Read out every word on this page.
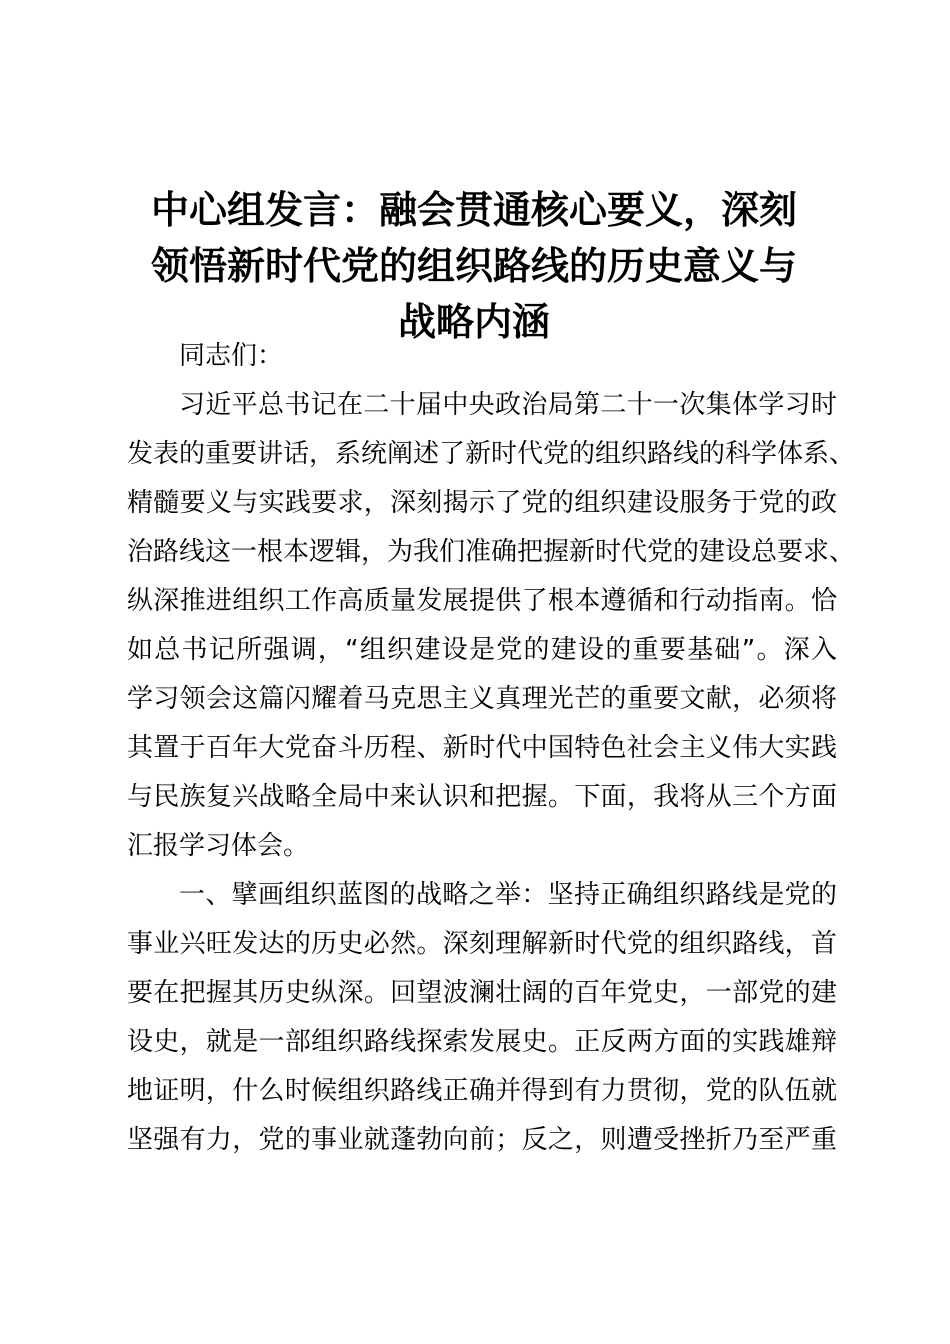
中心组发言：融会贯通核心要义，深刻
领悟新时代党的组织路线的历史意义与
战略内涵

同志们：

习近平总书记在二十届中央政治局第二十一次集体学习时
发表的重要讲话，系统阐述了新时代党的组织路线的科学体系、
精髓要义与实践要求，深刻揭示了党的组织建设服务于党的政
治路线这一根本逻辑，为我们准确把握新时代党的建设总要求、
纵深推进组织工作高质量发展提供了根本遵循和行动指南。恰
如总书记所强调，“组织建设是党的建设的重要基础”。深入
学习领会这篇闪耀着马克思主义真理光芒的重要文献，必须将
其置于百年大党奋斗历程、新时代中国特色社会主义伟大实践
与民族复兴战略全局中来认识和把握。下面，我将从三个方面
汇报学习体会。
一、擘画组织蓝图的战略之举：坚持正确组织路线是党的
事业兴旺发达的历史必然。深刻理解新时代党的组织路线，首
要在把握其历史纵深。回望波澜壮阔的百年党史，一部党的建
设史，就是一部组织路线探索发展史。正反两方面的实践雄辩
地证明，什么时候组织路线正确并得到有力贯彻，党的队伍就
坚强有力，党的事业就蓬勃向前；反之，则遭受挫折乃至严重
